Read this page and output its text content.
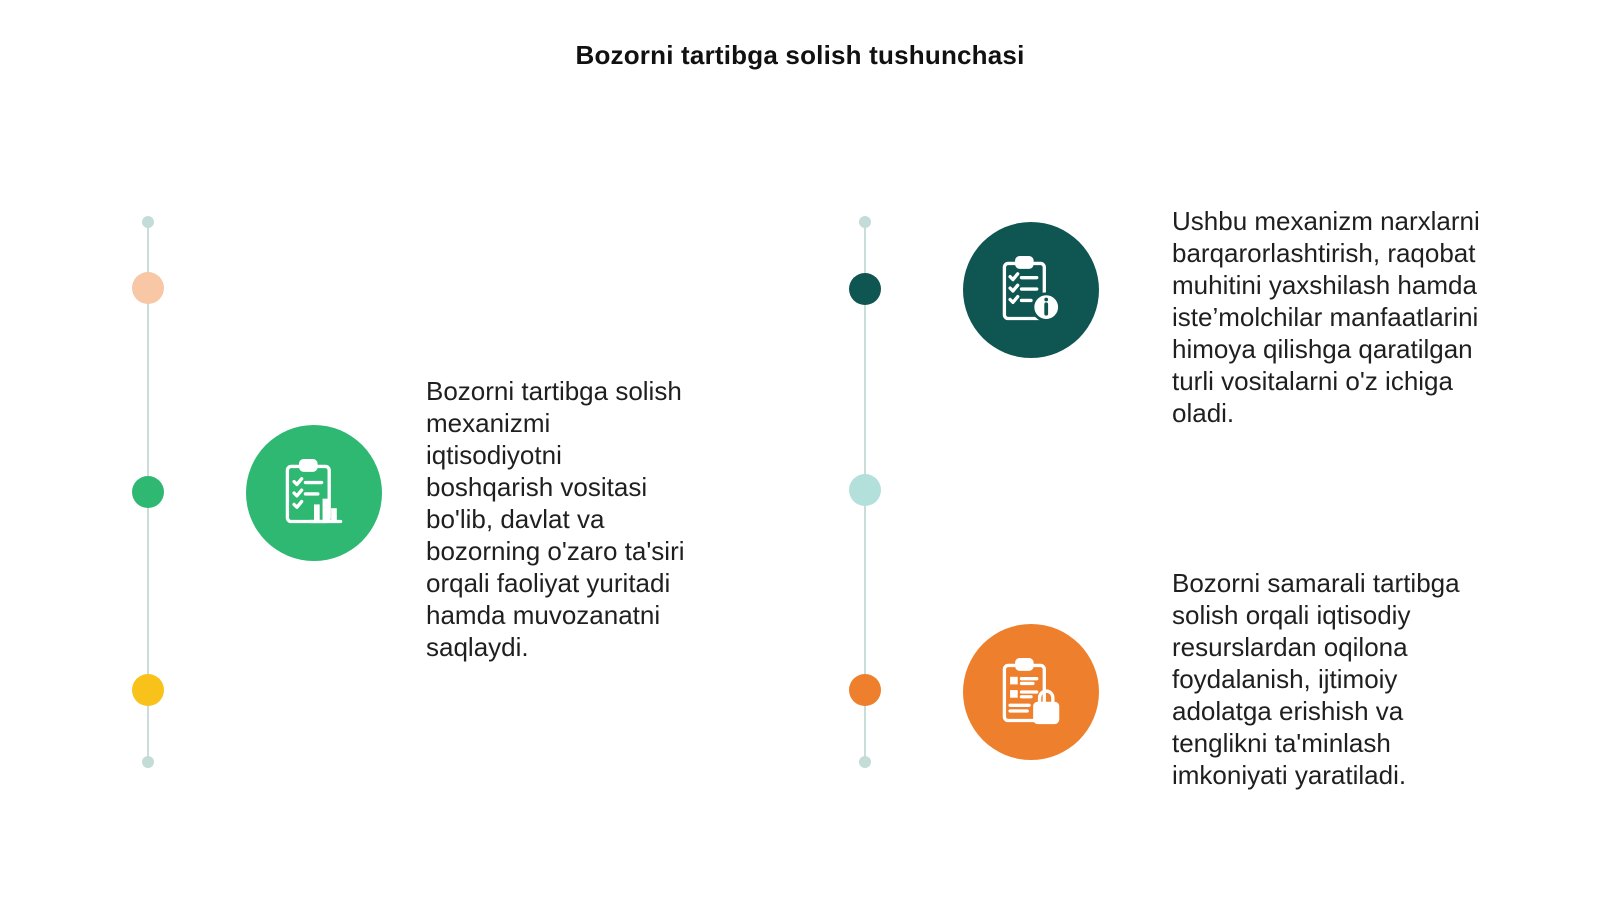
Bozorni tartibga solish tushunchasi
Bozorni tartibga solish
mexanizmi
iqtisodiyotni
boshqarish vositasi
bo'lib, davlat va
bozorning o'zaro ta'siri
orqali faoliyat yuritadi
hamda muvozanatni
saqlaydi.
Ushbu mexanizm narxlarni
barqarorlashtirish, raqobat
muhitini yaxshilash hamda
iste’molchilar manfaatlarini
himoya qilishga qaratilgan
turli vositalarni o'z ichiga
oladi.
Bozorni samarali tartibga
solish orqali iqtisodiy
resurslardan oqilona
foydalanish, ijtimoiy
adolatga erishish va
tenglikni ta'minlash
imkoniyati yaratiladi.
